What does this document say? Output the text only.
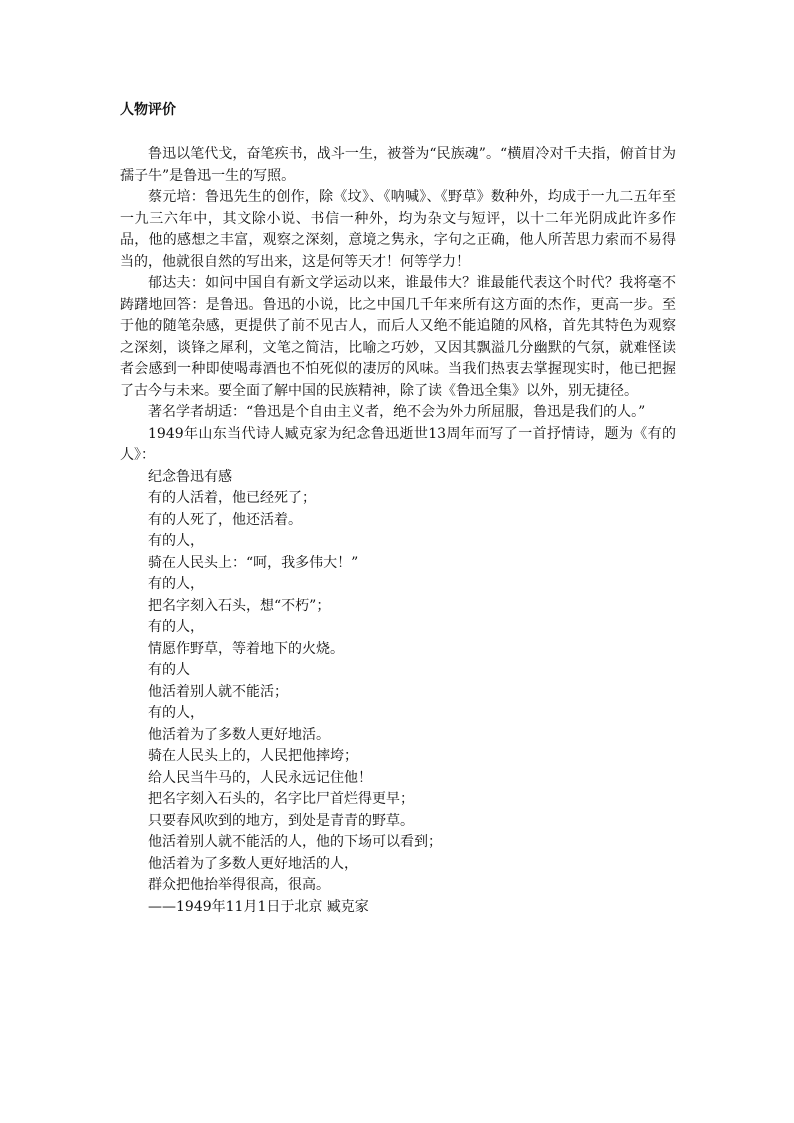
人物评价

鲁迅以笔代戈，奋笔疾书，战斗一生，被誉为“民族魂”。“横眉冷对千夫指，俯首甘为孺子牛”是鲁迅一生的写照。

蔡元培：鲁迅先生的创作，除《坟》、《呐喊》、《野草》数种外，均成于一九二五年至一九三六年中，其文除小说、书信一种外，均为杂文与短评，以十二年光阴成此许多作品，他的感想之丰富，观察之深刻，意境之隽永，字句之正确，他人所苦思力索而不易得当的，他就很自然的写出来，这是何等天才！何等学力！

郁达夫：如问中国自有新文学运动以来，谁最伟大？谁最能代表这个时代？我将毫不踌躇地回答：是鲁迅。鲁迅的小说，比之中国几千年来所有这方面的杰作，更高一步。至于他的随笔杂感，更提供了前不见古人，而后人又绝不能追随的风格，首先其特色为观察之深刻，谈锋之犀利，文笔之简洁，比喻之巧妙，又因其飘溢几分幽默的气氛，就难怪读者会感到一种即使喝毒酒也不怕死似的凄厉的风味。当我们热衷去掌握现实时，他已把握了古今与未来。要全面了解中国的民族精神，除了读《鲁迅全集》以外，别无捷径。

著名学者胡适：“鲁迅是个自由主义者，绝不会为外力所屈服，鲁迅是我们的人。”

1949年山东当代诗人臧克家为纪念鲁迅逝世13周年而写了一首抒情诗，题为《有的人》：

纪念鲁迅有感

有的人活着，他已经死了；

有的人死了，他还活着。

有的人，

骑在人民头上：“呵，我多伟大！”

有的人，

把名字刻入石头，想“不朽”；

有的人，

情愿作野草，等着地下的火烧。

有的人

他活着别人就不能活；

有的人，

他活着为了多数人更好地活。

骑在人民头上的，人民把他摔垮；

给人民当牛马的，人民永远记住他！

把名字刻入石头的，名字比尸首烂得更早；

只要春风吹到的地方，到处是青青的野草。

他活着别人就不能活的人，他的下场可以看到；

他活着为了多数人更好地活的人，

群众把他抬举得很高，很高。

——1949年11月1日于北京 臧克家
